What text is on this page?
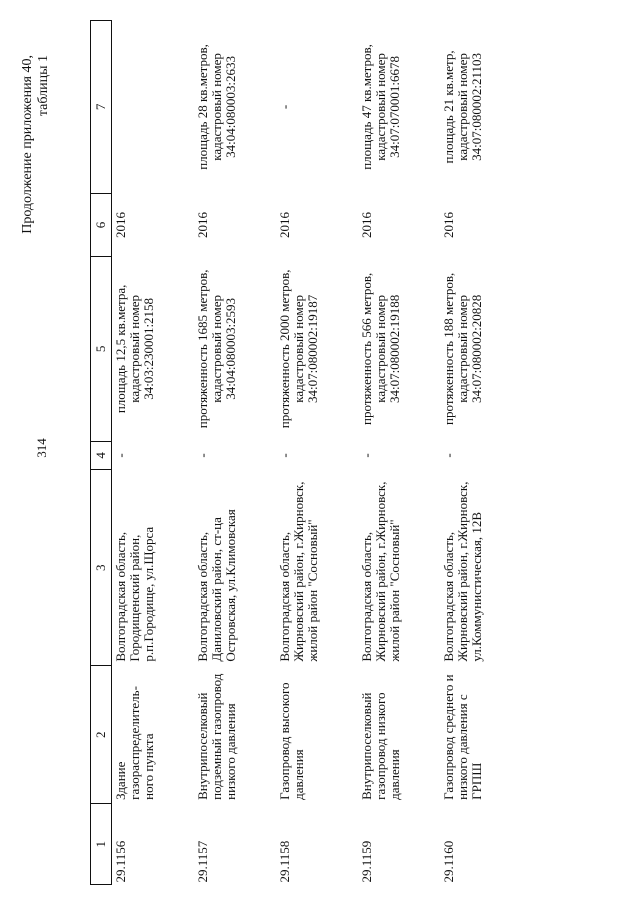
314
Продолжение приложения 40, таблицы 1
1	2	3	4	5	6	7
29.1156	Здание газораспределитель-ного пункта	Волгоградская область, Городищенский район, р.п.Городище, ул.Щорса	-	площадь 12,5 кв.метра, кадастровый номер 34:03:230001:2158	2016	
29.1157	Внутрипоселковый подземный газопровод низкого давления	Волгоградская область, Даниловский район, ст-ца Островская, ул.Климовская	-	протяженность 1685 метров, кадастровый номер 34:04:080003:2593	2016	площадь 28 кв.метров, кадастровый номер 34:04:080003:2633
29.1158	Газопровод высокого давления	Волгоградская область, Жирновский район, г.Жирновск, жилой район "Сосновый"	-	протяженность 2000 метров, кадастровый номер 34:07:080002:19187	2016	-
29.1159	Внутрипоселковый газопровод низкого давления	Волгоградская область, Жирновский район, г.Жирновск, жилой район "Сосновый"	-	протяженность 566 метров, кадастровый номер 34:07:080002:19188	2016	площадь 47 кв.метров, кадастровый номер 34:07:070001:6678
29.1160	Газопровод среднего и низкого давления с ГРПШ	Волгоградская область, Жирновский район, г.Жирновск, ул.Коммунистическая, 12В	-	протяженность 188 метров, кадастровый номер 34:07:080002:20828	2016	площадь 21 кв.метр, кадастровый номер 34:07:080002:21103
